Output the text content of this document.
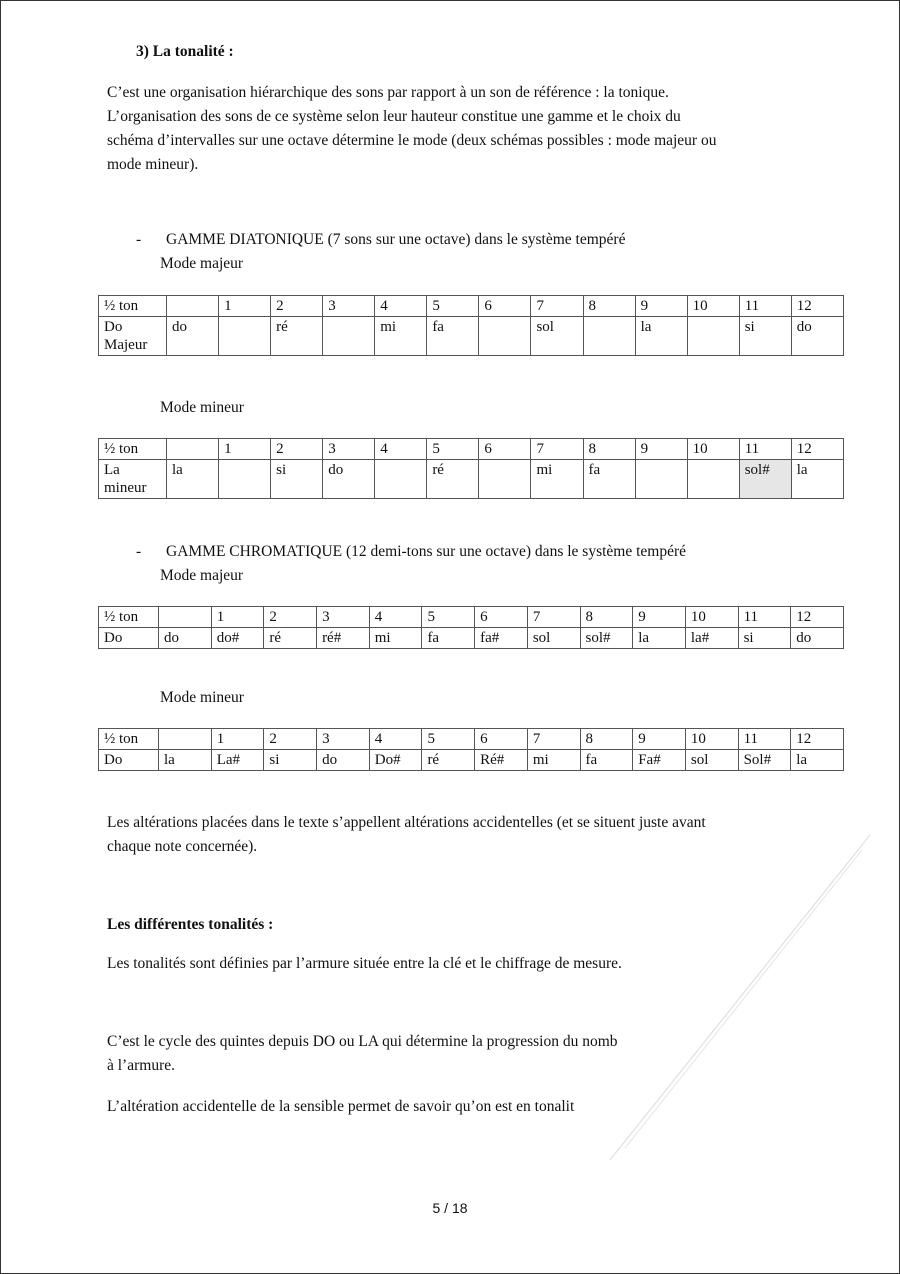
3) La tonalité :
C’est une organisation hiérarchique des sons par rapport à un son de référence : la tonique.
L’organisation des sons de ce système selon leur hauteur constitue une gamme et le choix du
schéma d’intervalles sur une octave détermine le mode (deux schémas possibles : mode majeur ou
mode mineur).
- GAMME DIATONIQUE (7 sons sur une octave) dans le système tempéré
Mode majeur
½ ton		1	2	3	4	5	6	7	8	9	10	11	12

Do
Majeur	do		ré		mi	fa		sol		la		si	do
Mode mineur
½ ton		1	2	3	4	5	6	7	8	9	10	11	12

La
mineur	la		si	do		ré		mi	fa			sol#	la
- GAMME CHROMATIQUE (12 demi-tons sur une octave) dans le système tempéré
Mode majeur
½ ton		1	2	3	4	5	6	7	8	9	10	11	12
Do	do	do#	ré	ré#	mi	fa	fa#	sol	sol#	la	la#	si	do
Mode mineur
½ ton		1	2	3	4	5	6	7	8	9	10	11	12
Do	la	La#	si	do	Do#	ré	Ré#	mi	fa	Fa#	sol	Sol#	la
Les altérations placées dans le texte s’appellent altérations accidentelles (et se situent juste avant
chaque note concernée).
Les différentes tonalités :
Les tonalités sont définies par l’armure située entre la clé et le chiffrage de mesure.
C’est le cycle des quintes depuis DO ou LA qui détermine la progression du nomb
à l’armure.
L’altération accidentelle de la sensible permet de savoir qu’on est en tonalit
5 / 18
